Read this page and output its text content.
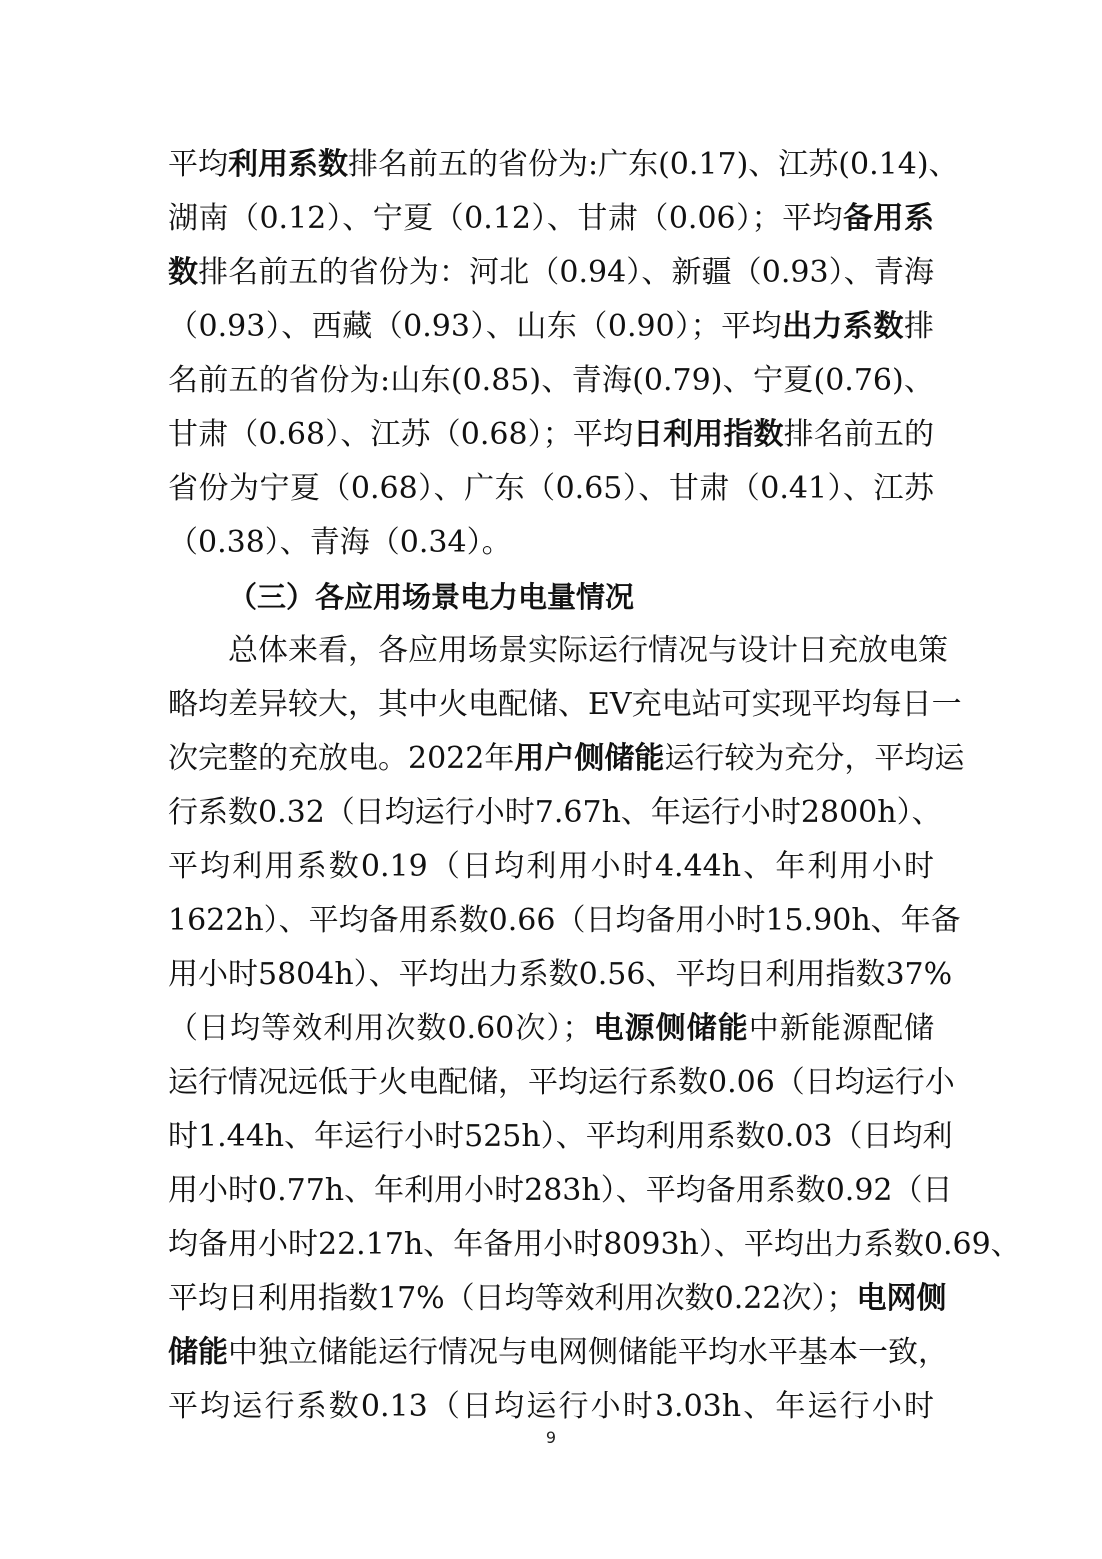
平均利用系数排名前五的省份为:广东(0.17)、江苏(0.14)、
湖南（0.12）、宁夏（0.12）、甘肃（0.06）；平均备用系
数排名前五的省份为：河北（0.94）、新疆（0.93）、青海
（0.93）、西藏（0.93）、山东（0.90）；平均出力系数排
名前五的省份为:山东(0.85)、青海(0.79)、宁夏(0.76)、
甘肃（0.68）、江苏（0.68）；平均日利用指数排名前五的
省份为宁夏（0.68）、广东（0.65）、甘肃（0.41）、江苏
（0.38）、青海（0.34）。
（三）各应用场景电力电量情况
总体来看，各应用场景实际运行情况与设计日充放电策
略均差异较大，其中火电配储、EV充电站可实现平均每日一
次完整的充放电。2022年用户侧储能运行较为充分，平均运
行系数0.32（日均运行小时7.67h、年运行小时2800h）、
平均利用系数0.19（日均利用小时4.44h、年利用小时
1622h）、平均备用系数0.66（日均备用小时15.90h、年备
用小时5804h）、平均出力系数0.56、平均日利用指数37%
（日均等效利用次数0.60次）；电源侧储能中新能源配储
运行情况远低于火电配储，平均运行系数0.06（日均运行小
时1.44h、年运行小时525h）、平均利用系数0.03（日均利
用小时0.77h、年利用小时283h）、平均备用系数0.92（日
均备用小时22.17h、年备用小时8093h）、平均出力系数0.69、
平均日利用指数17%（日均等效利用次数0.22次）；电网侧
储能中独立储能运行情况与电网侧储能平均水平基本一致，
平均运行系数0.13（日均运行小时3.03h、年运行小时
9
